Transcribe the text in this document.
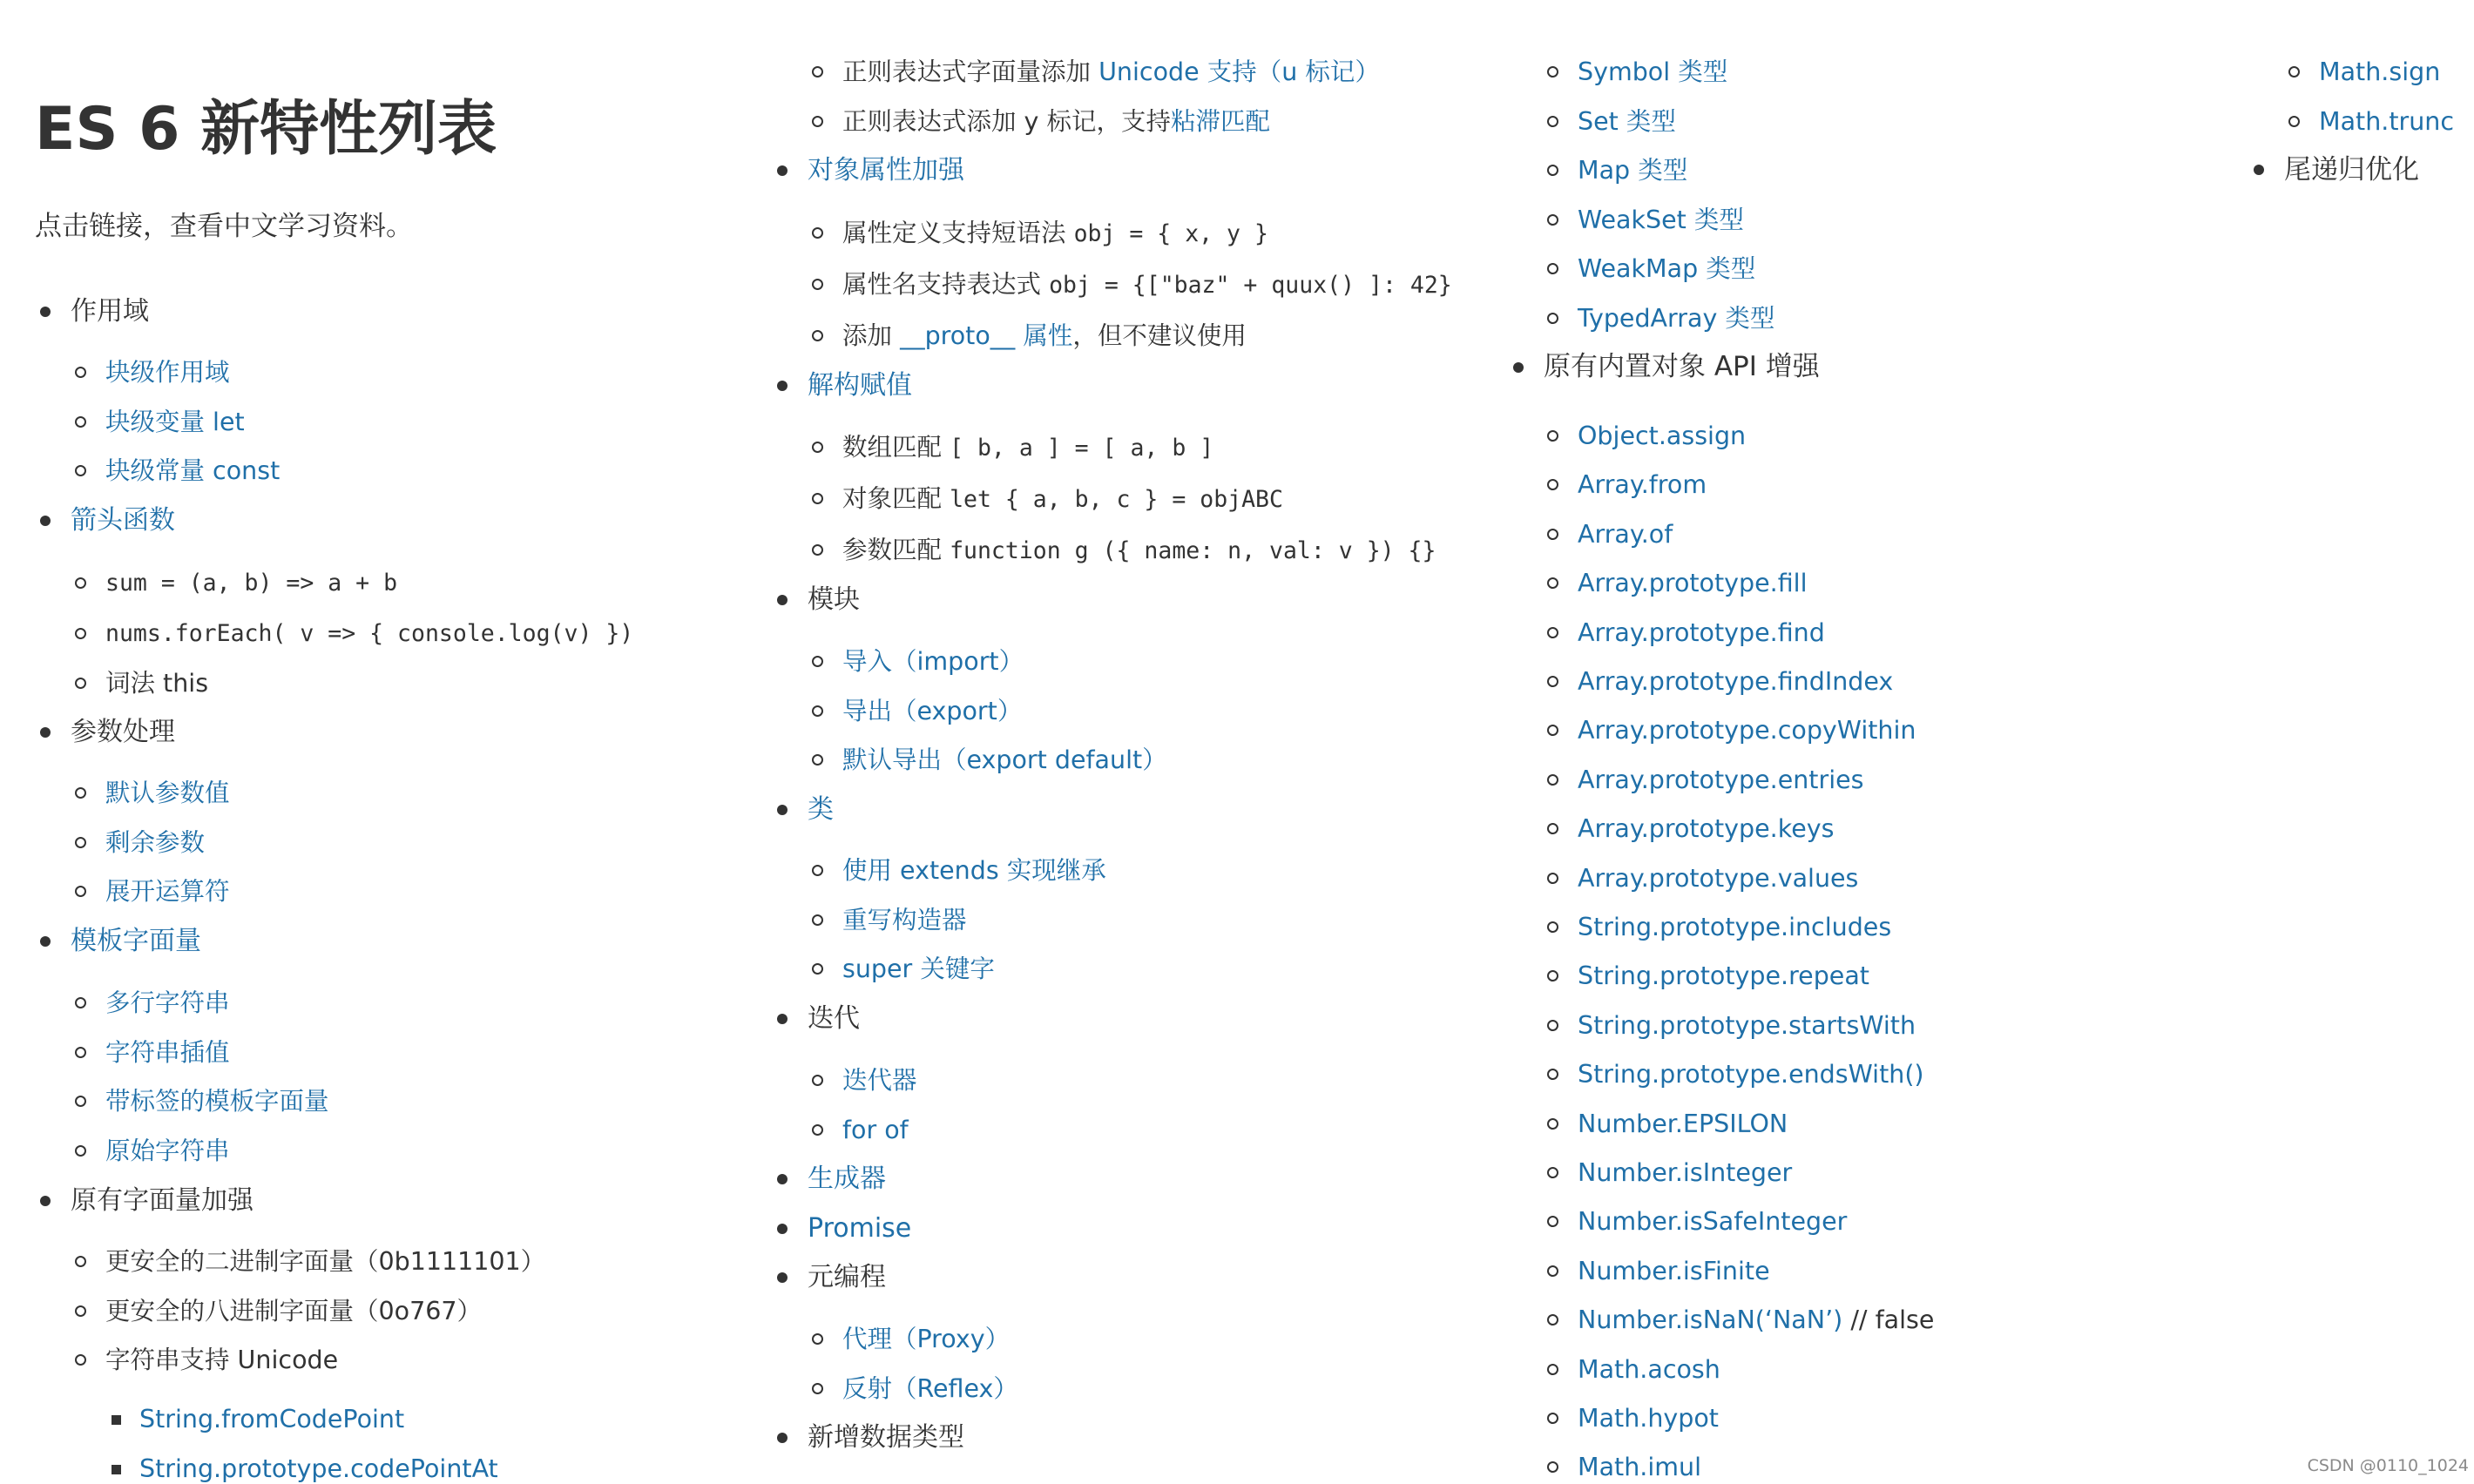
ES 6 新特性列表
点击链接，查看中文学习资料。
作用域
块级作用域
块级变量 let
块级常量 const
箭头函数
sum = (a, b) => a + b
nums.forEach( v => { console.log(v) })
词法 this
参数处理
默认参数值
剩余参数
展开运算符
模板字面量
多行字符串
字符串插值
带标签的模板字面量
原始字符串
原有字面量加强
更安全的二进制字面量（0b1111101）
更安全的八进制字面量（0o767）
字符串支持 Unicode
String.fromCodePoint
String.prototype.codePointAt
正则表达式字面量添加 Unicode 支持（u 标记）
正则表达式添加 y 标记，支持粘滞匹配
对象属性加强
属性定义支持短语法 obj = { x, y }
属性名支持表达式 obj = {["baz" + quux() ]: 42}
添加 __proto__ 属性，但不建议使用
解构赋值
数组匹配 [ b, a ] = [ a, b ]
对象匹配 let { a, b, c } = objABC
参数匹配 function g ({ name: n, val: v }) {}
模块
导入（import）
导出（export）
默认导出（export default）
类
使用 extends 实现继承
重写构造器
super 关键字
迭代
迭代器
for of
生成器
Promise
元编程
代理（Proxy）
反射（Reflex）
新增数据类型
Symbol 类型
Set 类型
Map 类型
WeakSet 类型
WeakMap 类型
TypedArray 类型
原有内置对象 API 增强
Object.assign
Array.from
Array.of
Array.prototype.fill
Array.prototype.find
Array.prototype.findIndex
Array.prototype.copyWithin
Array.prototype.entries
Array.prototype.keys
Array.prototype.values
String.prototype.includes
String.prototype.repeat
String.prototype.startsWith
String.prototype.endsWith()
Number.EPSILON
Number.isInteger
Number.isSafeInteger
Number.isFinite
Number.isNaN(‘NaN’) // false
Math.acosh
Math.hypot
Math.imul
Math.sign
Math.trunc
尾递归优化
CSDN @0110_1024
